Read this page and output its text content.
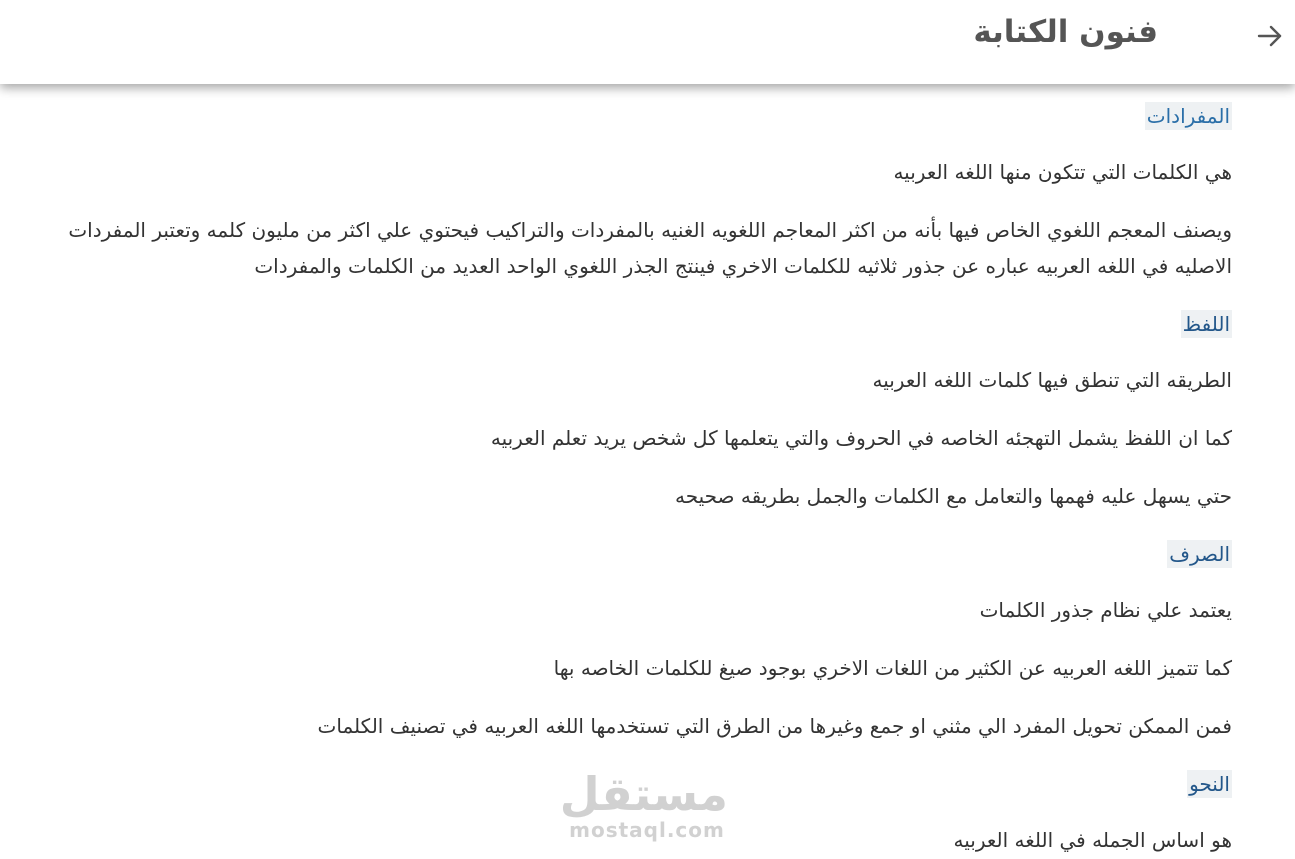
فنون الكتابة
المفرادات

هي الكلمات التي تتكون منها اللغه العربيه

ويصنف المعجم اللغوي الخاص فيها بأنه من اكثر المعاجم اللغويه الغنيه بالمفردات والتراكيب فيحتوي علي اكثر من مليون كلمه وتعتبر المفردات الاصليه في اللغه العربيه عباره عن جذور ثلاثيه للكلمات الاخري فينتج الجذر اللغوي الواحد العديد من الكلمات والمفردات

اللفظ

الطريقه التي تنطق فيها كلمات اللغه العربيه

كما ان اللفظ يشمل التهجئه الخاصه في الحروف والتي يتعلمها كل شخص يريد تعلم العربيه

حتي يسهل عليه فهمها والتعامل مع الكلمات والجمل بطريقه صحيحه

الصرف

يعتمد علي نظام جذور الكلمات

كما تتميز اللغه العربيه عن الكثير من اللغات الاخري بوجود صيغ للكلمات الخاصه بها

فمن الممكن تحويل المفرد الي مثني او جمع وغيرها من الطرق التي تستخدمها اللغه العربيه في تصنيف الكلمات

النحو

هو اساس الجمله في اللغه العربيه

مستقل
mostaql.com
